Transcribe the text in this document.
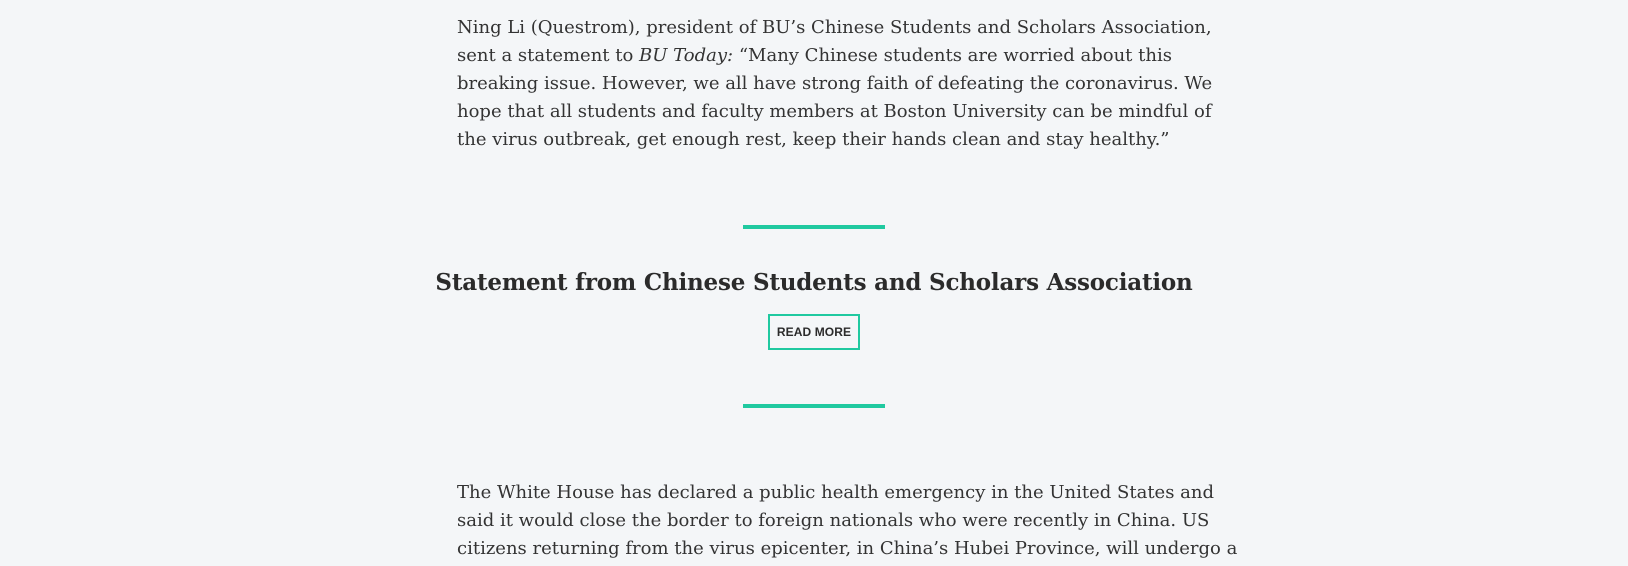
Ning Li (Questrom), president of BU’s Chinese Students and Scholars Association,
sent a statement to BU Today: “Many Chinese students are worried about this
breaking issue. However, we all have strong faith of defeating the coronavirus. We
hope that all students and faculty members at Boston University can be mindful of
the virus outbreak, get enough rest, keep their hands clean and stay healthy.”

Statement from Chinese Students and Scholars Association
READ MORE

The White House has declared a public health emergency in the United States and
said it would close the border to foreign nationals who were recently in China. US
citizens returning from the virus epicenter, in China’s Hubei Province, will undergo a
